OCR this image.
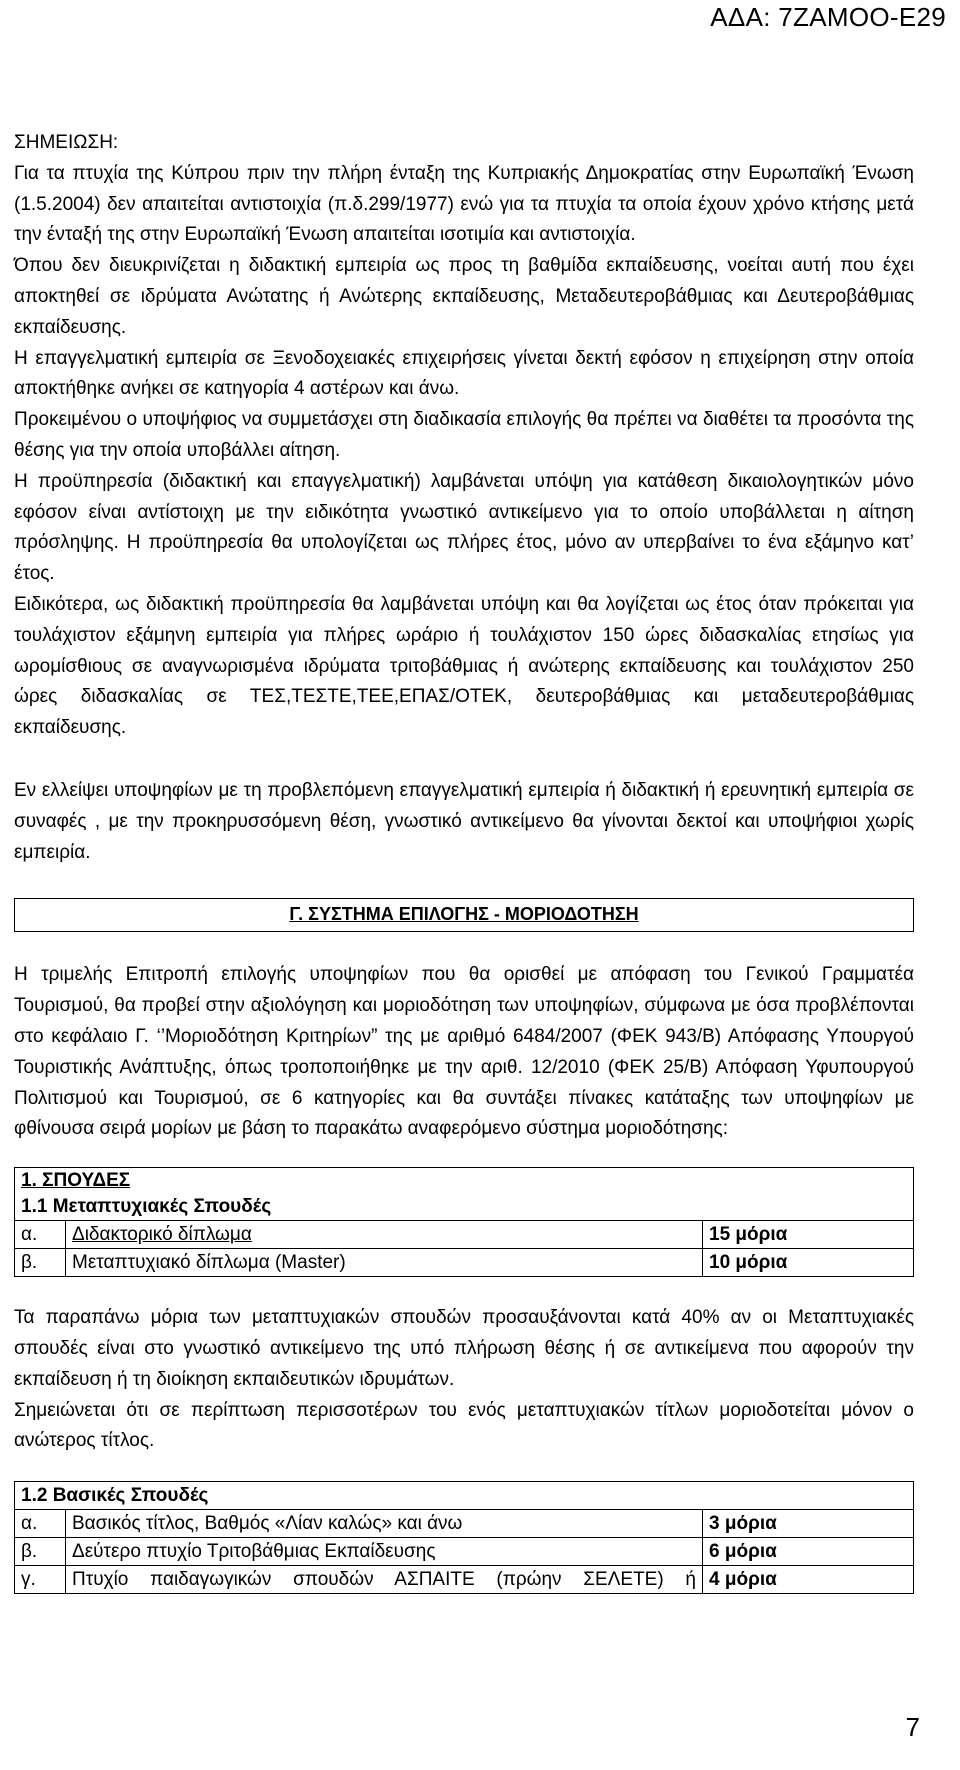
ΑΔΑ: 7ΖΑΜΟΟ-Ε29

ΣΗΜΕΙΩΣΗ:

Για τα πτυχία της Κύπρου πριν την πλήρη ένταξη της Κυπριακής Δημοκρατίας στην Ευρωπαϊκή Ένωση (1.5.2004) δεν απαιτείται αντιστοιχία (π.δ.299/1977) ενώ για τα πτυχία τα οποία έχουν χρόνο κτήσης μετά την ένταξή της στην Ευρωπαϊκή Ένωση απαιτείται ισοτιμία και αντιστοιχία.

Όπου δεν διευκρινίζεται η διδακτική εμπειρία ως προς τη βαθμίδα εκπαίδευσης, νοείται αυτή που έχει αποκτηθεί σε ιδρύματα Ανώτατης ή Ανώτερης εκπαίδευσης, Μεταδευτεροβάθμιας και Δευτεροβάθμιας εκπαίδευσης.

Η επαγγελματική εμπειρία σε Ξενοδοχειακές επιχειρήσεις γίνεται δεκτή εφόσον η επιχείρηση στην οποία αποκτήθηκε ανήκει σε κατηγορία 4 αστέρων και άνω.

Προκειμένου ο υποψήφιος να συμμετάσχει στη διαδικασία επιλογής θα πρέπει να διαθέτει τα προσόντα της θέσης για την οποία υποβάλλει αίτηση.

Η προϋπηρεσία (διδακτική και επαγγελματική) λαμβάνεται υπόψη για κατάθεση δικαιολογητικών μόνο εφόσον είναι αντίστοιχη με την ειδικότητα γνωστικό αντικείμενο για το οποίο υποβάλλεται η αίτηση πρόσληψης. Η προϋπηρεσία θα υπολογίζεται ως πλήρες έτος, μόνο αν υπερβαίνει το ένα εξάμηνο κατ’ έτος.

Ειδικότερα, ως διδακτική προϋπηρεσία θα λαμβάνεται υπόψη και θα λογίζεται ως έτος όταν πρόκειται για τουλάχιστον εξάμηνη εμπειρία για πλήρες ωράριο ή τουλάχιστον 150 ώρες διδασκαλίας ετησίως για ωρομίσθιους σε αναγνωρισμένα ιδρύματα τριτοβάθμιας ή ανώτερης εκπαίδευσης και τουλάχιστον 250 ώρες διδασκαλίας σε ΤΕΣ,ΤΕΣΤΕ,ΤΕΕ,ΕΠΑΣ/ΟΤΕΚ, δευτεροβάθμιας και μεταδευτεροβάθμιας εκπαίδευσης.

Εν ελλείψει υποψηφίων με τη προβλεπόμενη επαγγελματική εμπειρία ή διδακτική ή ερευνητική εμπειρία σε συναφές , με την προκηρυσσόμενη θέση, γνωστικό αντικείμενο θα γίνονται δεκτοί και υποψήφιοι χωρίς εμπειρία.

Γ. ΣΥΣΤΗΜΑ ΕΠΙΛΟΓΗΣ - ΜΟΡΙΟΔΟΤΗΣΗ

Η τριμελής Επιτροπή επιλογής υποψηφίων που θα ορισθεί με απόφαση του Γενικού Γραμματέα Τουρισμού, θα προβεί στην αξιολόγηση και μοριοδότηση των υποψηφίων, σύμφωνα με όσα προβλέπονται στο κεφάλαιο Γ. ‘’Μοριοδότηση Κριτηρίων” της με αριθμό 6484/2007 (ΦΕΚ 943/Β) Απόφασης Υπουργού Τουριστικής Ανάπτυξης, όπως τροποποιήθηκε με την αριθ. 12/2010 (ΦΕΚ 25/Β) Απόφαση Υφυπουργού Πολιτισμού και Τουρισμού, σε 6 κατηγορίες και θα συντάξει πίνακες κατάταξης των υποψηφίων με φθίνουσα σειρά μορίων με βάση το παρακάτω αναφερόμενο σύστημα μοριοδότησης:

1. ΣΠΟΥΔΕΣ
1.1 Μεταπτυχιακές Σπουδές		
α.	Διδακτορικό δίπλωμα	15 μόρια
β.	Μεταπτυχιακό δίπλωμα (Master)	10 μόρια

Τα παραπάνω μόρια των μεταπτυχιακών σπουδών προσαυξάνονται κατά 40% αν οι Μεταπτυχιακές σπουδές είναι στο γνωστικό αντικείμενο της υπό πλήρωση θέσης ή σε αντικείμενα που αφορούν την εκπαίδευση ή τη διοίκηση εκπαιδευτικών ιδρυμάτων.

Σημειώνεται ότι σε περίπτωση περισσοτέρων του ενός μεταπτυχιακών τίτλων μοριοδοτείται μόνον ο ανώτερος τίτλος.

1.2 Βασικές Σπουδές		
α.	Βασικός τίτλος, Βαθμός «Λίαν καλώς» και άνω	3 μόρια
β.	Δεύτερο πτυχίο Τριτοβάθμιας Εκπαίδευσης	6 μόρια
γ.	Πτυχίο παιδαγωγικών σπουδών ΑΣΠΑΙΤΕ (πρώην ΣΕΛΕΤΕ) ή	4 μόρια
7
